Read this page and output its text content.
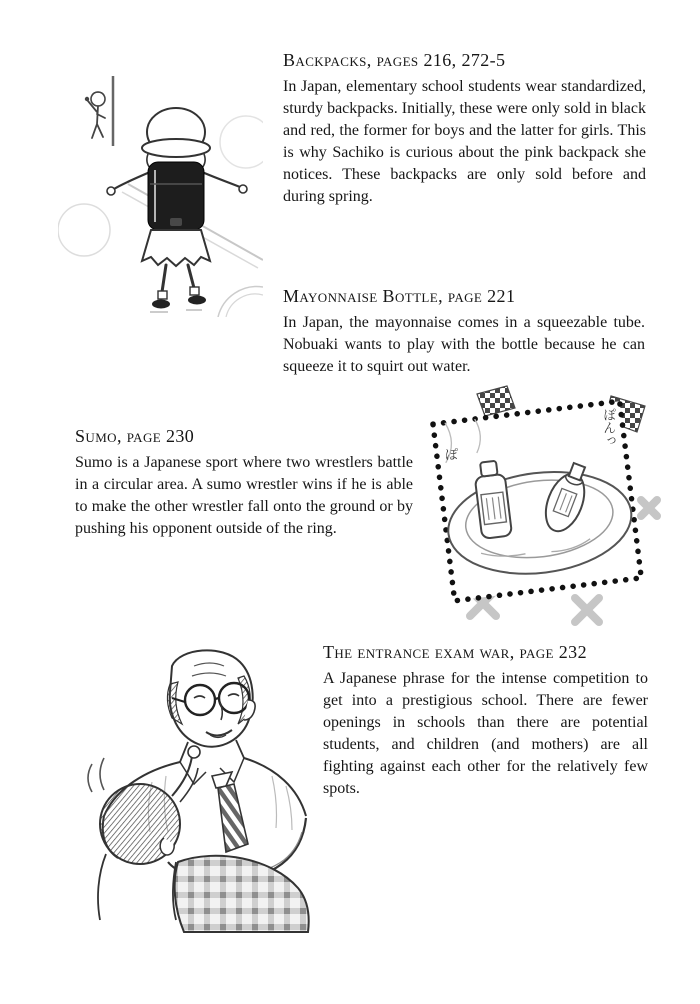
Backpacks, pages 216, 272-5

In Japan, elementary school students wear standardized, sturdy backpacks. Initially, these were only sold in black and red, the former for boys and the latter for girls. This is why Sachiko is curious about the pink backpack she notices. These backpacks are only sold before and during spring.

Mayonnaise Bottle, page 221

In Japan, the mayonnaise comes in a squeezable tube. Nobuaki wants to play with the bottle because he can squeeze it to squirt out water.

Sumo, page 230

Sumo is a Japanese sport where two wrestlers battle in a circular area. A sumo wrestler wins if he is able to make the other wrestler fall onto the ground or by pushing his opponent outside of the ring.

ぽ
ぽんっ
The entrance exam war, page 232

A Japanese phrase for the intense competition to get into a prestigious school. There are fewer openings in schools than there are potential students, and children (and mothers) are all fighting against each other for the relatively few spots.
